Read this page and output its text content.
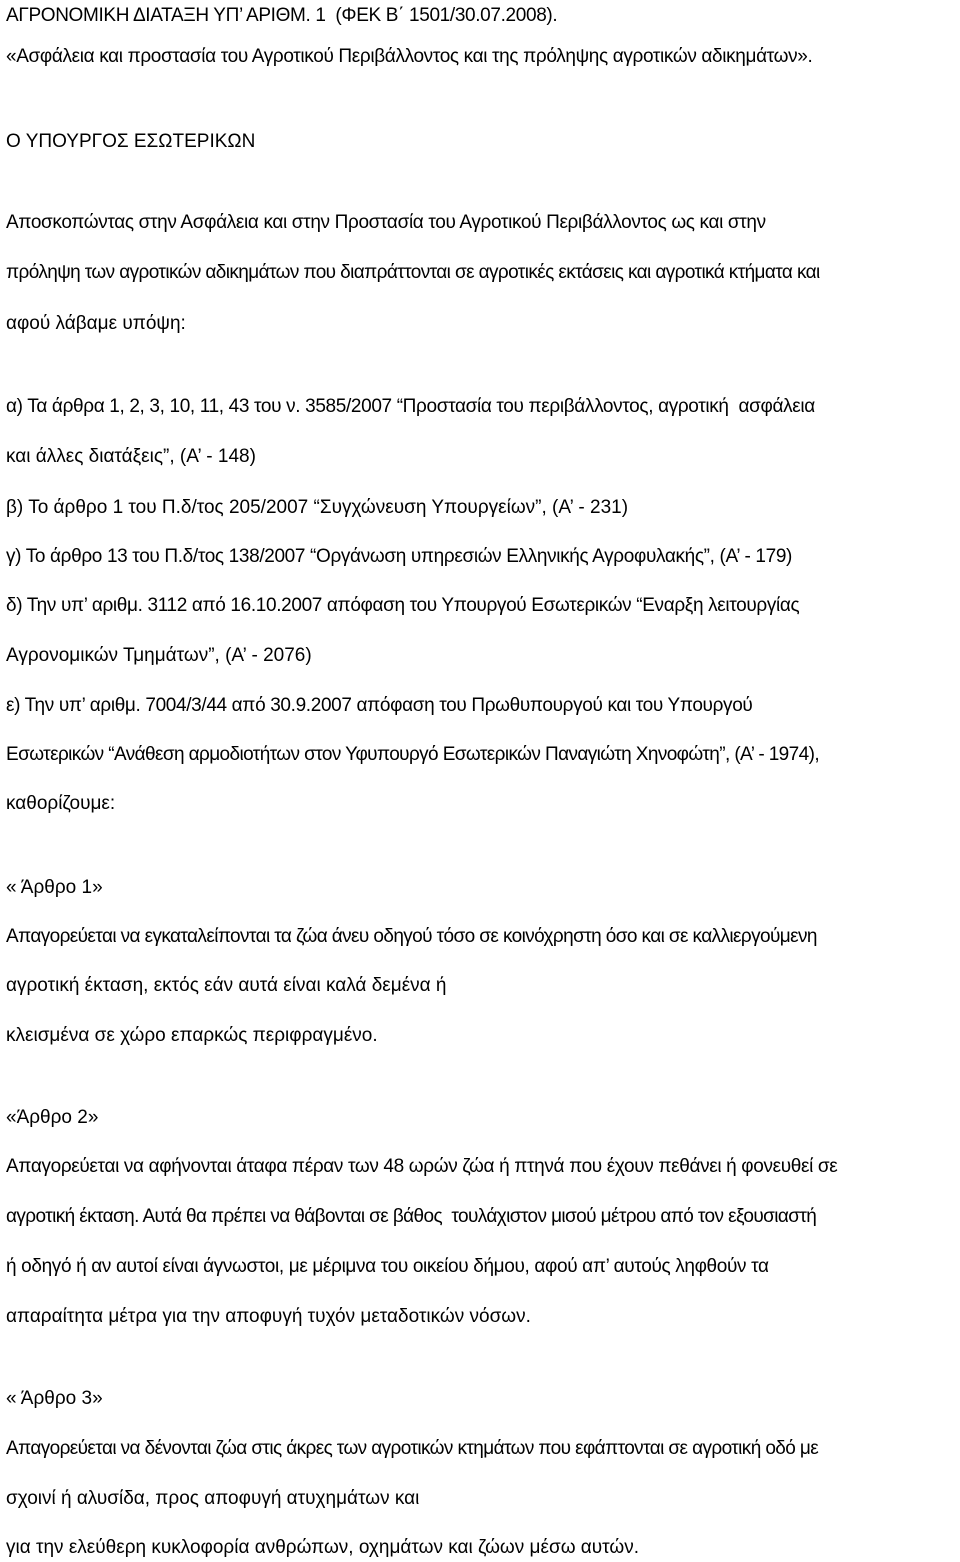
ΑΓΡΟΝΟΜΙΚΗ ΔΙΑΤΑΞΗ ΥΠ’ ΑΡΙΘΜ. 1  (ΦΕΚ Β΄ 1501/30.07.2008).
«Ασφάλεια και προστασία του Αγροτικού Περιβάλλοντος και της πρόληψης αγροτικών αδικημάτων».
Ο ΥΠΟΥΡΓΟΣ ΕΣΩΤΕΡΙΚΩΝ
Αποσκοπώντας στην Ασφάλεια και στην Προστασία του Αγροτικού Περιβάλλοντος ως και στην
πρόληψη των αγροτικών αδικημάτων που διαπράττονται σε αγροτικές εκτάσεις και αγροτικά κτήματα και
αφού λάβαμε υπόψη:
α) Τα άρθρα 1, 2, 3, 10, 11, 43 του ν. 3585/2007 “Προστασία του περιβάλλοντος, αγροτική  ασφάλεια
και άλλες διατάξεις”, (Α’ - 148)
β) Το άρθρο 1 του Π.δ/τος 205/2007 “Συγχώνευση Υπουργείων”, (Α’ - 231)
γ) Το άρθρο 13 του Π.δ/τος 138/2007 “Οργάνωση υπηρεσιών Ελληνικής Αγροφυλακής”, (Α’ - 179)
δ) Την υπ’ αριθμ. 3112 από 16.10.2007 απόφαση του Υπουργού Εσωτερικών “Εναρξη λειτουργίας
Αγρονομικών Τμημάτων”, (Α’ - 2076)
ε) Την υπ’ αριθμ. 7004/3/44 από 30.9.2007 απόφαση του Πρωθυπουργού και του Υπουργού
Εσωτερικών “Ανάθεση αρμοδιοτήτων στον Υφυπουργό Εσωτερικών Παναγιώτη Χηνοφώτη”, (Α’ - 1974),
καθορίζουμε:
« Άρθρο 1»
Απαγορεύεται να εγκαταλείπονται τα ζώα άνευ οδηγού τόσο σε κοινόχρηστη όσο και σε καλλιεργούμενη
αγροτική έκταση, εκτός εάν αυτά είναι καλά δεμένα ή
κλεισμένα σε χώρο επαρκώς περιφραγμένο.
«Άρθρο 2»
Απαγορεύεται να αφήνονται άταφα πέραν των 48 ωρών ζώα ή πτηνά που έχουν πεθάνει ή φονευθεί σε
αγροτική έκταση. Αυτά θα πρέπει να θάβονται σε βάθος  τουλάχιστον μισού μέτρου από τον εξουσιαστή
ή οδηγό ή αν αυτοί είναι άγνωστοι, με μέριμνα του οικείου δήμου, αφού απ’ αυτούς ληφθούν τα
απαραίτητα μέτρα για την αποφυγή τυχόν μεταδοτικών νόσων.
« Άρθρο 3»
Απαγορεύεται να δένονται ζώα στις άκρες των αγροτικών κτημάτων που εφάπτονται σε αγροτική οδό με
σχοινί ή αλυσίδα, προς αποφυγή ατυχημάτων και
για την ελεύθερη κυκλοφορία ανθρώπων, οχημάτων και ζώων μέσω αυτών.
